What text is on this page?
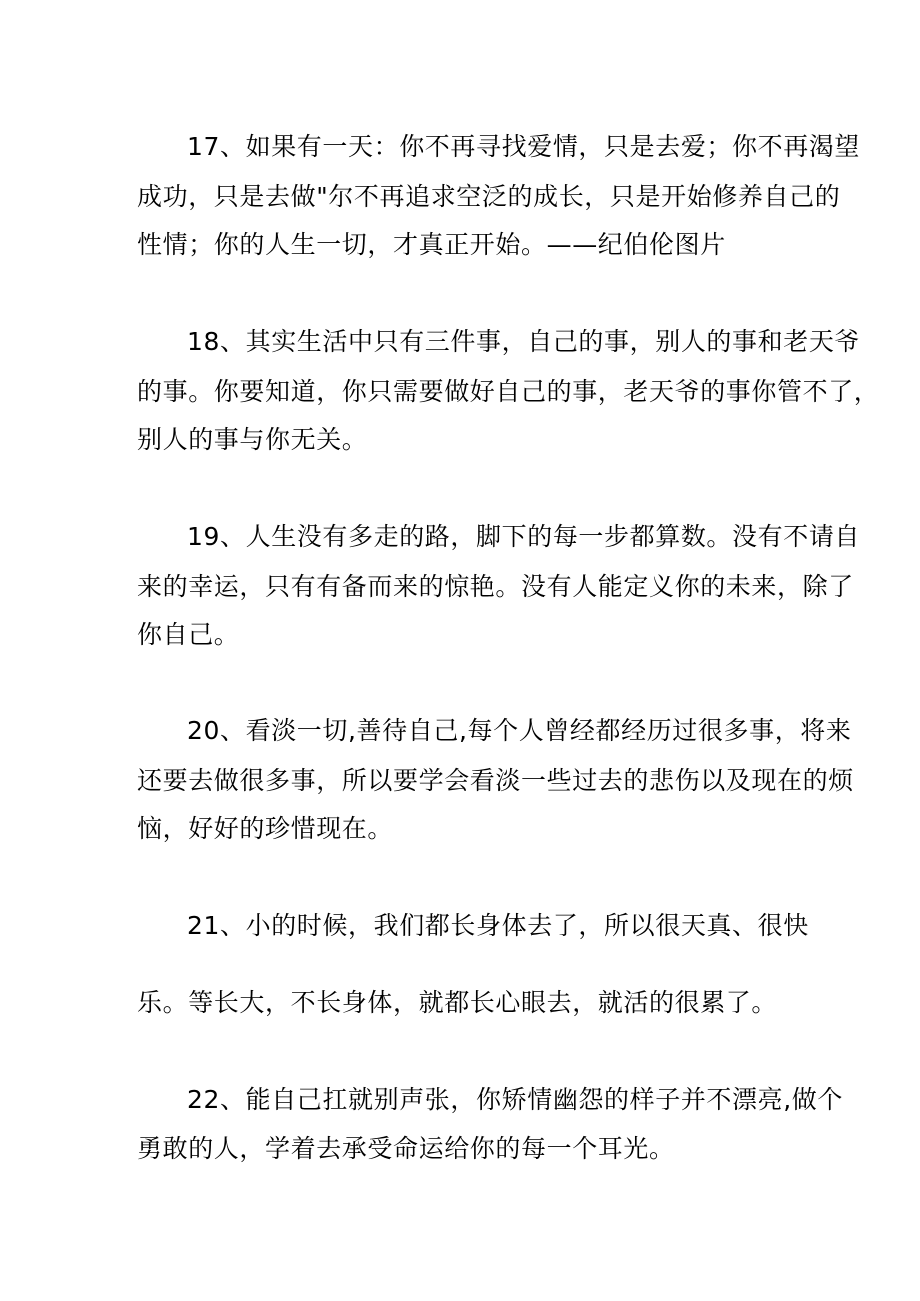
17、如果有一天：你不再寻找爱情，只是去爱；你不再渴望
成功，只是去做"尔不再追求空泛的成长，只是开始修养自己的
性情；你的人生一切，才真正开始。——纪伯伦图片
18、其实生活中只有三件事，自己的事，别人的事和老天爷
的事。你要知道，你只需要做好自己的事，老天爷的事你管不了，
别人的事与你无关。
19、人生没有多走的路，脚下的每一步都算数。没有不请自
来的幸运，只有有备而来的惊艳。没有人能定义你的未来，除了
你自己。
20、看淡一切,善待自己,每个人曾经都经历过很多事，将来
还要去做很多事，所以要学会看淡一些过去的悲伤以及现在的烦
恼，好好的珍惜现在。
21、小的时候，我们都长身体去了，所以很天真、很快
乐。等长大，不长身体，就都长心眼去，就活的很累了。
22、能自己扛就别声张，你矫情幽怨的样子并不漂亮,做个
勇敢的人，学着去承受命运给你的每一个耳光。
